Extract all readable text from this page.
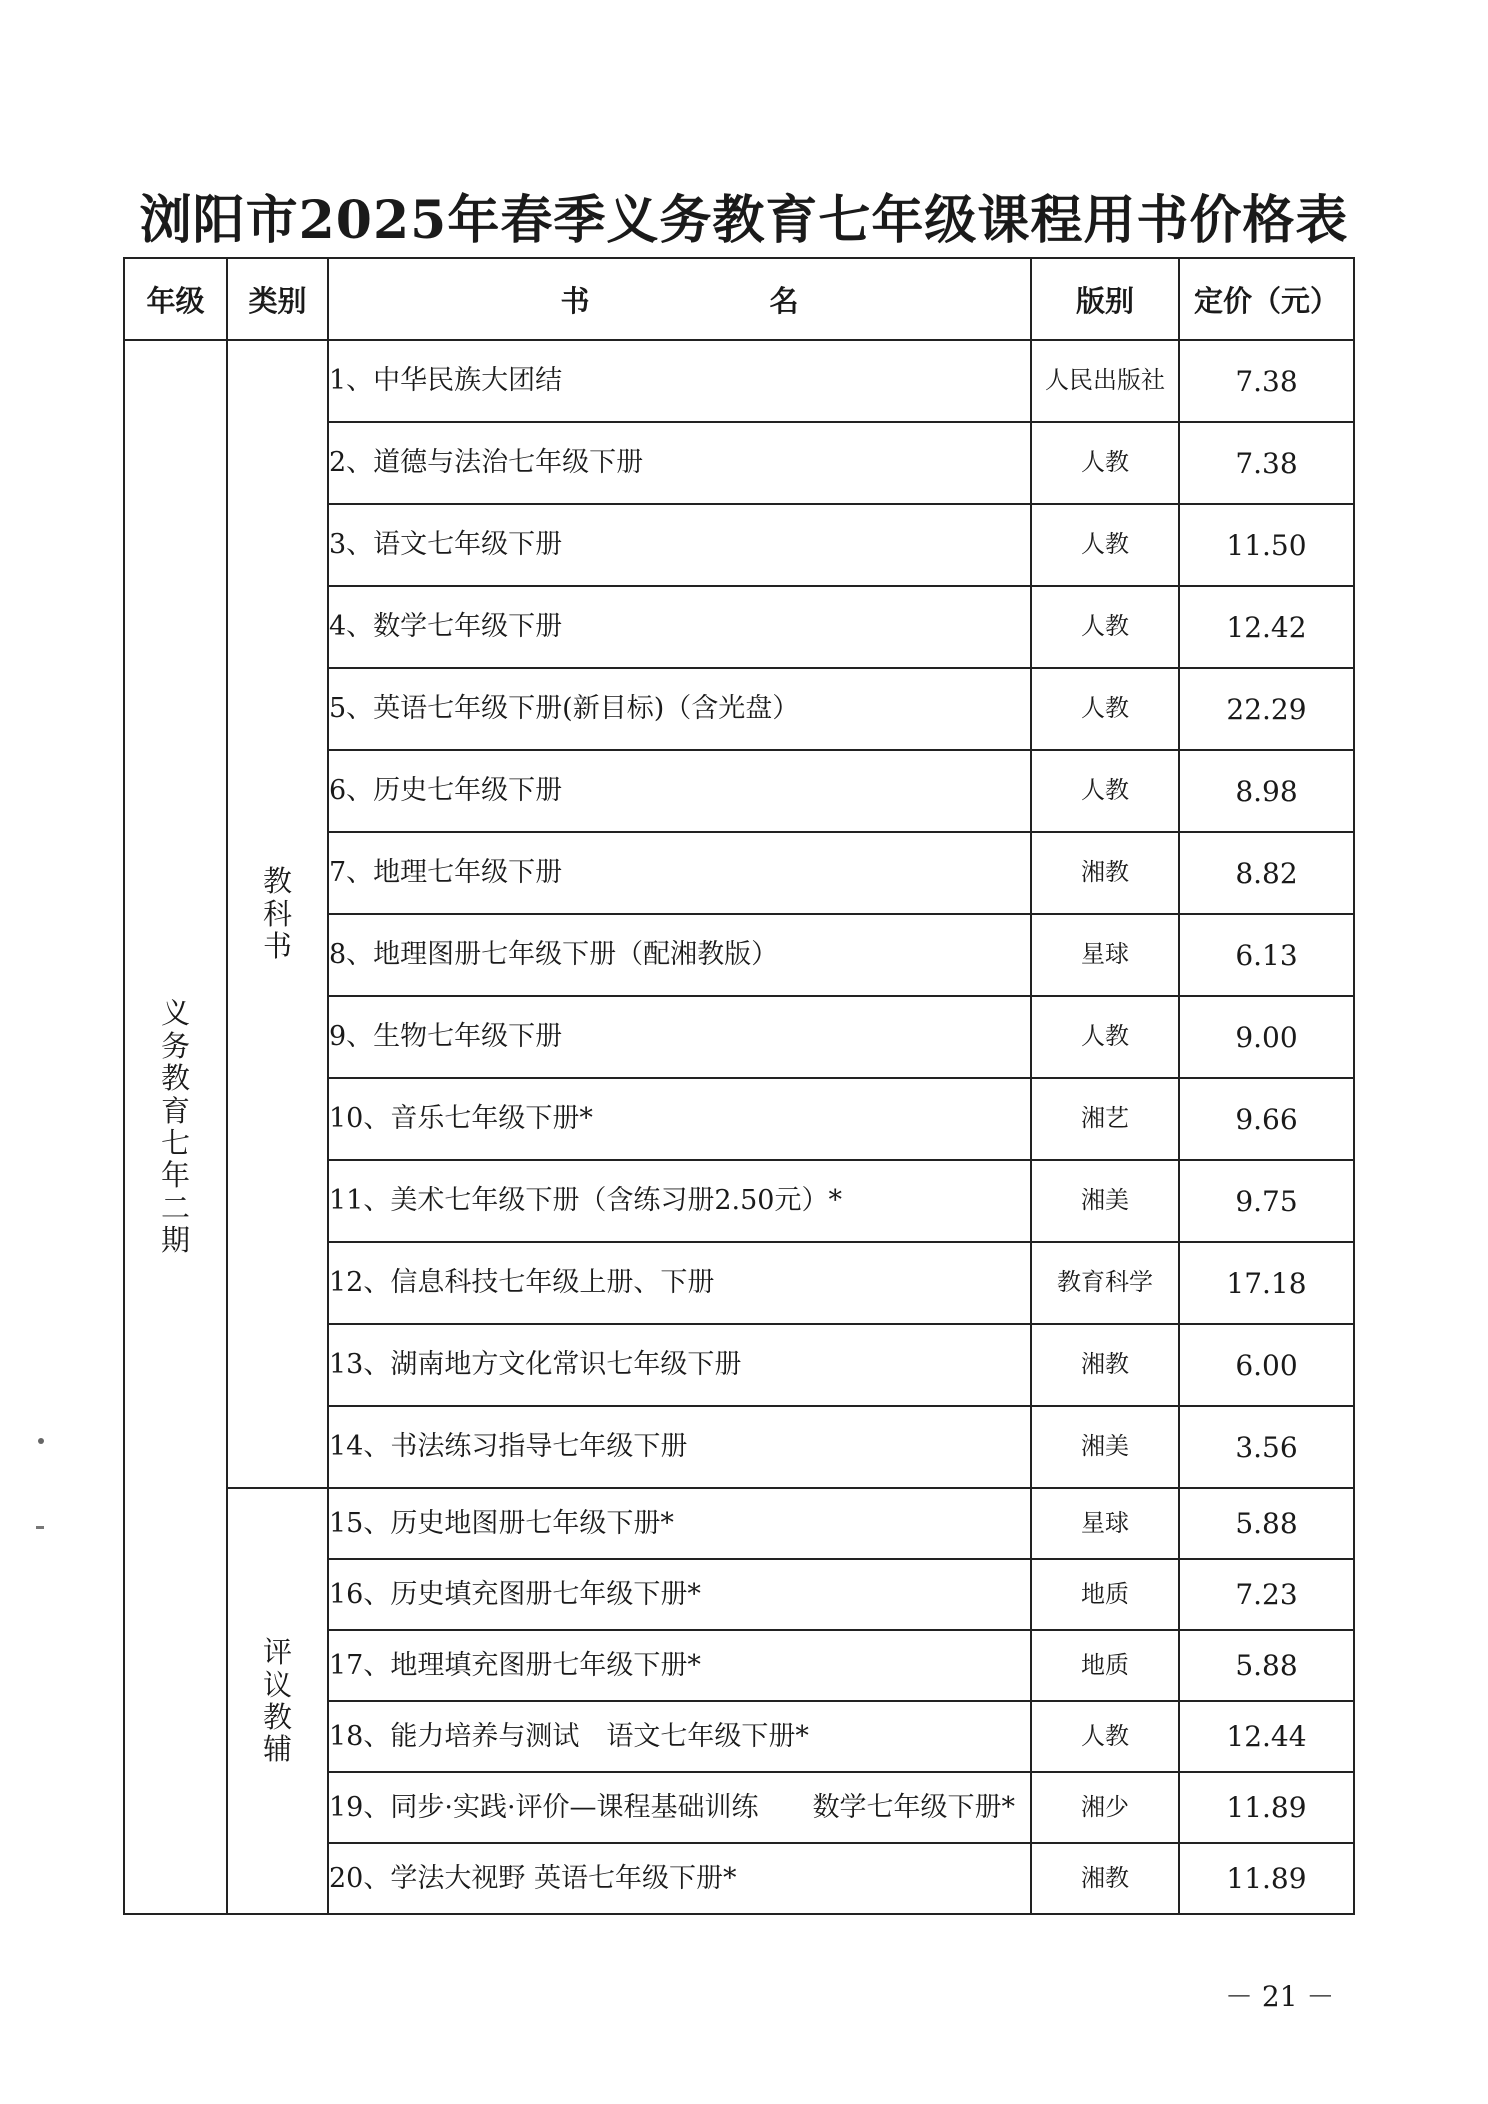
浏阳市2025年春季义务教育七年级课程用书价格表
年级	类别	书 名	版别	定价（元）
义务教育七年二期	教科书	1、中华民族大团结	人民出版社	7.38
		2、道德与法治七年级下册	人教	7.38
		3、语文七年级下册	人教	11.50
		4、数学七年级下册	人教	12.42
		5、英语七年级下册(新目标)（含光盘）	人教	22.29
		6、历史七年级下册	人教	8.98
		7、地理七年级下册	湘教	8.82
		8、地理图册七年级下册（配湘教版）	星球	6.13
		9、生物七年级下册	人教	9.00
		10、音乐七年级下册*	湘艺	9.66
		11、美术七年级下册（含练习册2.50元）*	湘美	9.75
		12、信息科技七年级上册、下册	教育科学	17.18
		13、湖南地方文化常识七年级下册	湘教	6.00
		14、书法练习指导七年级下册	湘美	3.56
	评议教辅	15、历史地图册七年级下册*	星球	5.88
		16、历史填充图册七年级下册*	地质	7.23
		17、地理填充图册七年级下册*	地质	5.88
		18、能力培养与测试　语文七年级下册*	人教	12.44
		19、同步·实践·评价—课程基础训练　　数学七年级下册*	湘少	11.89
		20、学法大视野 英语七年级下册*	湘教	11.89
－ 21 －
